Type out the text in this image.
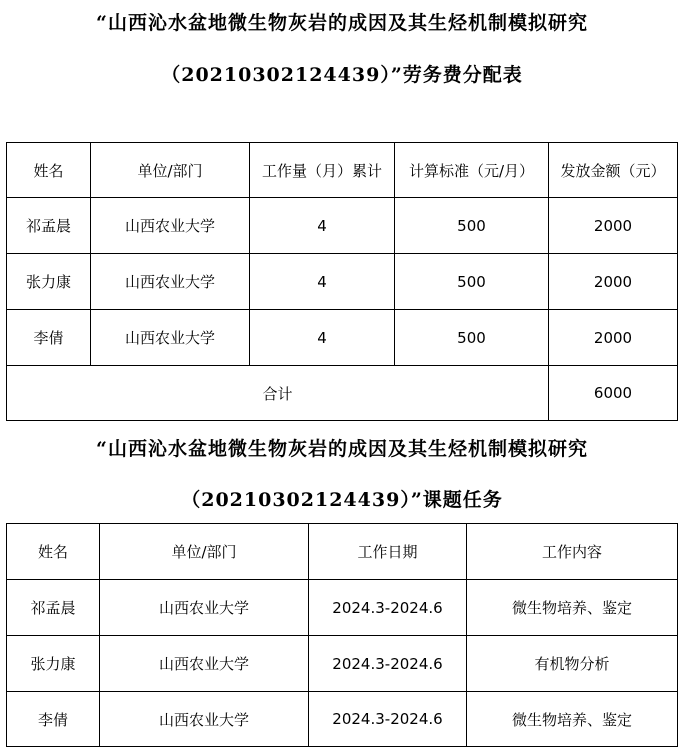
“山西沁水盆地微生物灰岩的成因及其生烃机制模拟研究
（20210302124439）”劳务费分配表
姓名	单位/部门	工作量（月）累计	计算标准（元/月）	发放金额（元）
祁孟晨	山西农业大学	4	500	2000
张力康	山西农业大学	4	500	2000
李倩	山西农业大学	4	500	2000
合计				6000
“山西沁水盆地微生物灰岩的成因及其生烃机制模拟研究
（20210302124439）”课题任务
姓名	单位/部门	工作日期	工作内容
祁孟晨	山西农业大学	2024.3-2024.6	微生物培养、鉴定
张力康	山西农业大学	2024.3-2024.6	有机物分析
李倩	山西农业大学	2024.3-2024.6	微生物培养、鉴定
